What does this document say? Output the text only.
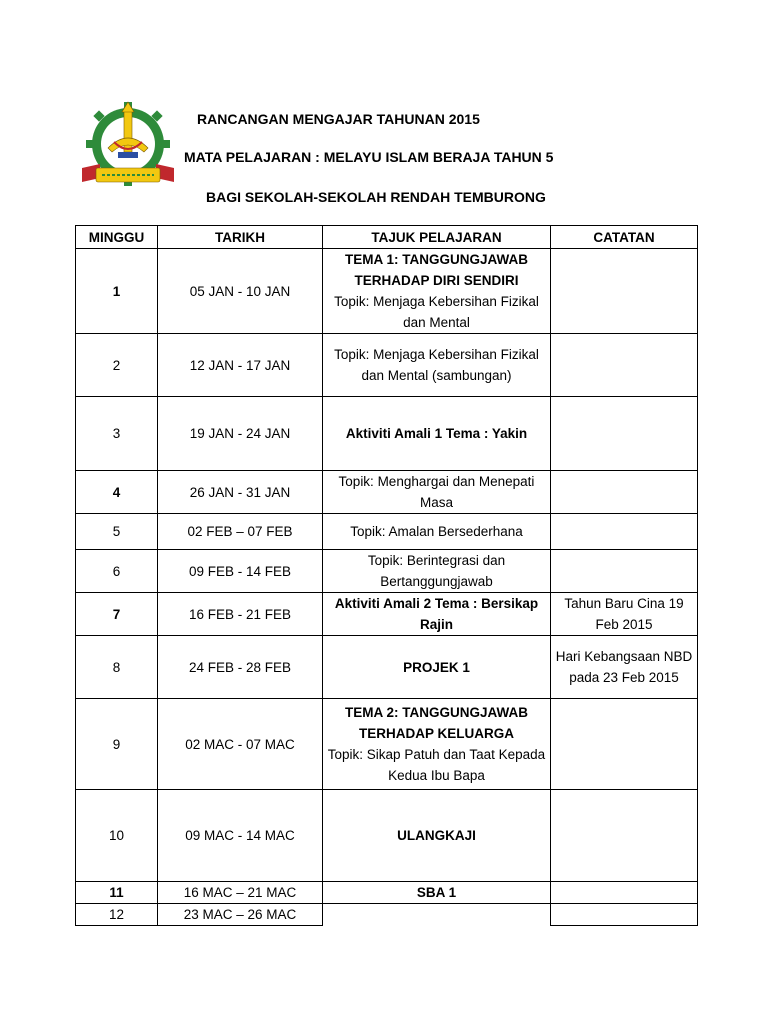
RANCANGAN MENGAJAR TAHUNAN 2015
MATA PELAJARAN : MELAYU ISLAM BERAJA TAHUN 5
BAGI SEKOLAH-SEKOLAH RENDAH TEMBURONG
MINGGU	TARIKH	TAJUK PELAJARAN	CATATAN
1	05 JAN - 10 JAN	TEMA 1: TANGGUNGJAWAB TERHADAP DIRI SENDIRI
Topik: Menjaga Kebersihan Fizikal dan Mental	

2	12 JAN - 17 JAN	Topik: Menjaga Kebersihan Fizikal dan Mental (sambungan)	

3	19 JAN - 24 JAN	Aktiviti Amali 1 Tema : Yakin	
4	26 JAN - 31 JAN	Topik: Menghargai dan Menepati Masa	
5	02 FEB – 07 FEB	Topik: Amalan Bersederhana	
6	09 FEB - 14 FEB	Topik: Berintegrasi dan Bertanggungjawab	
7	16 FEB - 21 FEB	Aktiviti Amali 2 Tema : Bersikap Rajin	Tahun Baru Cina 19 Feb 2015
8	24 FEB - 28 FEB	PROJEK 1	Hari Kebangsaan NBD pada 23 Feb 2015
9	02 MAC - 07 MAC	TEMA 2: TANGGUNGJAWAB TERHADAP KELUARGA
Topik: Sikap Patuh dan Taat Kepada Kedua Ibu Bapa	

10	09 MAC - 14 MAC	ULANGKAJI	
11	16 MAC – 21 MAC	SBA 1	
12	23 MAC – 26 MAC		
